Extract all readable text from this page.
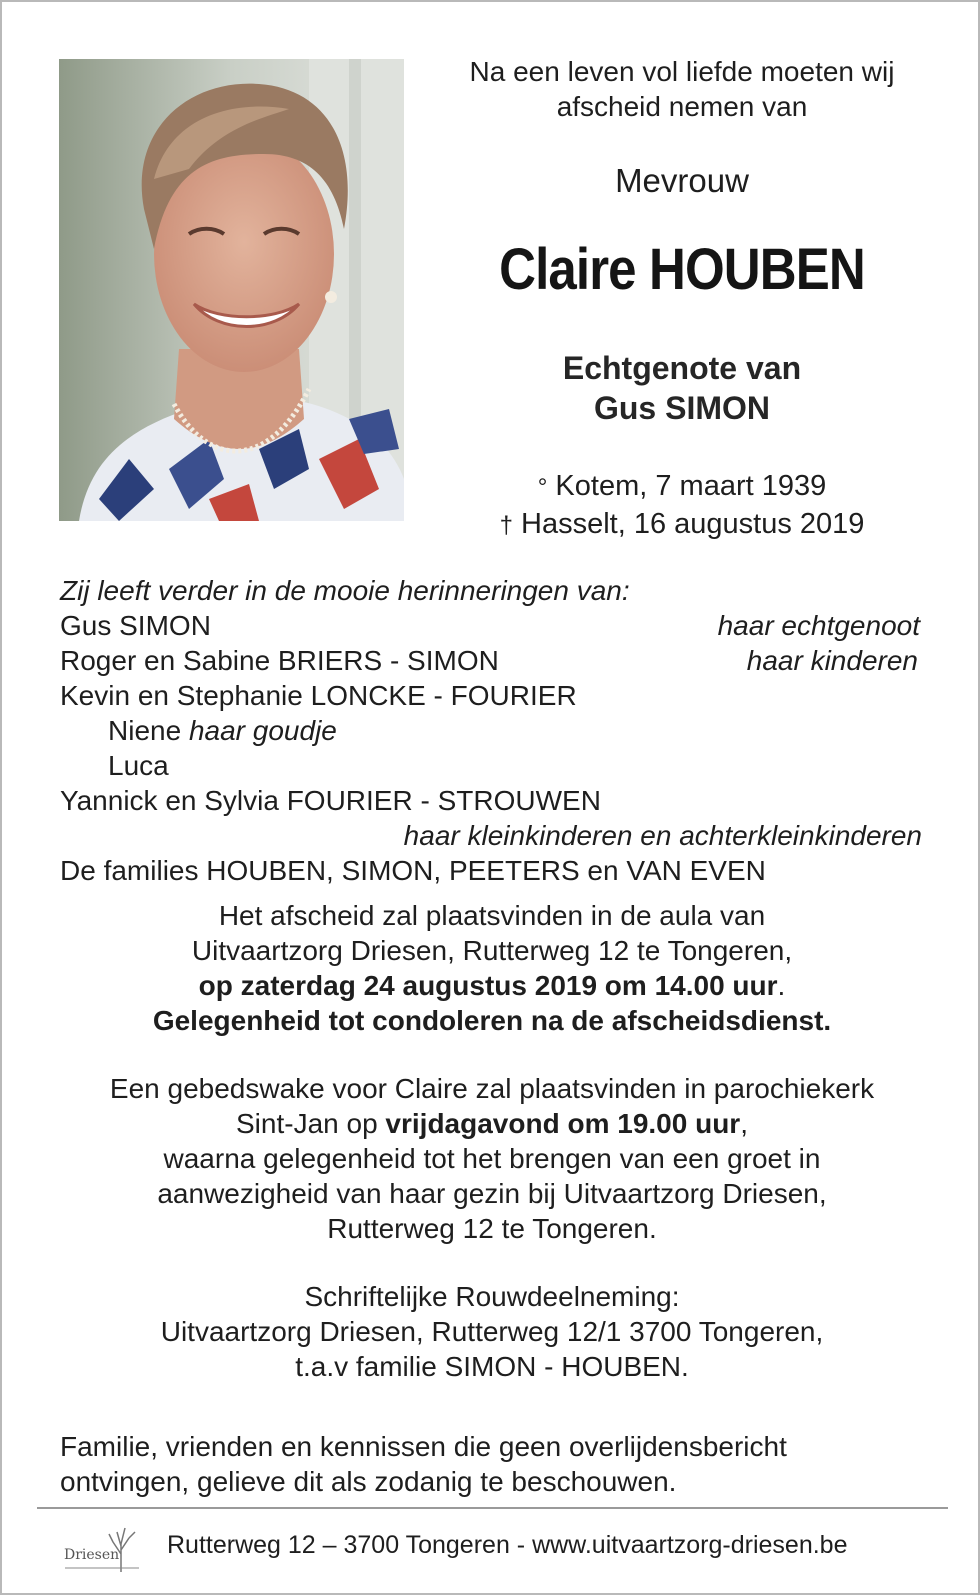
Na een leven vol liefde moeten wij

afscheid nemen van

Mevrouw

Claire HOUBEN
Echtgenote van
Gus SIMON
° Kotem, 7 maart 1939
† Hasselt, 16 augustus 2019
Zij leeft verder in de mooie herinneringen van:
Gus SIMON	haar echtgenoot
Roger en Sabine BRIERS - SIMON	haar kinderen
Kevin en Stephanie LONCKE - FOURIER
Niene haar goudje
Luca
Yannick en Sylvia FOURIER - STROUWEN
haar kleinkinderen en achterkleinkinderen
De families HOUBEN, SIMON, PEETERS en VAN EVEN

Het afscheid zal plaatsvinden in de aula van

Uitvaartzorg Driesen, Rutterweg 12 te Tongeren,

op zaterdag 24 augustus 2019 om 14.00 uur.

Gelegenheid tot condoleren na de afscheidsdienst.

Een gebedswake voor Claire zal plaatsvinden in parochiekerk

Sint-Jan op vrijdagavond om 19.00 uur,

waarna gelegenheid tot het brengen van een groet in

aanwezigheid van haar gezin bij Uitvaartzorg Driesen,

Rutterweg 12 te Tongeren.

Schriftelijke Rouwdeelneming:

Uitvaartzorg Driesen, Rutterweg 12/1 3700 Tongeren,

t.a.v familie SIMON - HOUBEN.

Familie, vrienden en kennissen die geen overlijdensbericht

ontvingen, gelieve dit als zodanig te beschouwen.

Driesen Rutterweg 12 – 3700 Tongeren - www.uitvaartzorg-driesen.be
